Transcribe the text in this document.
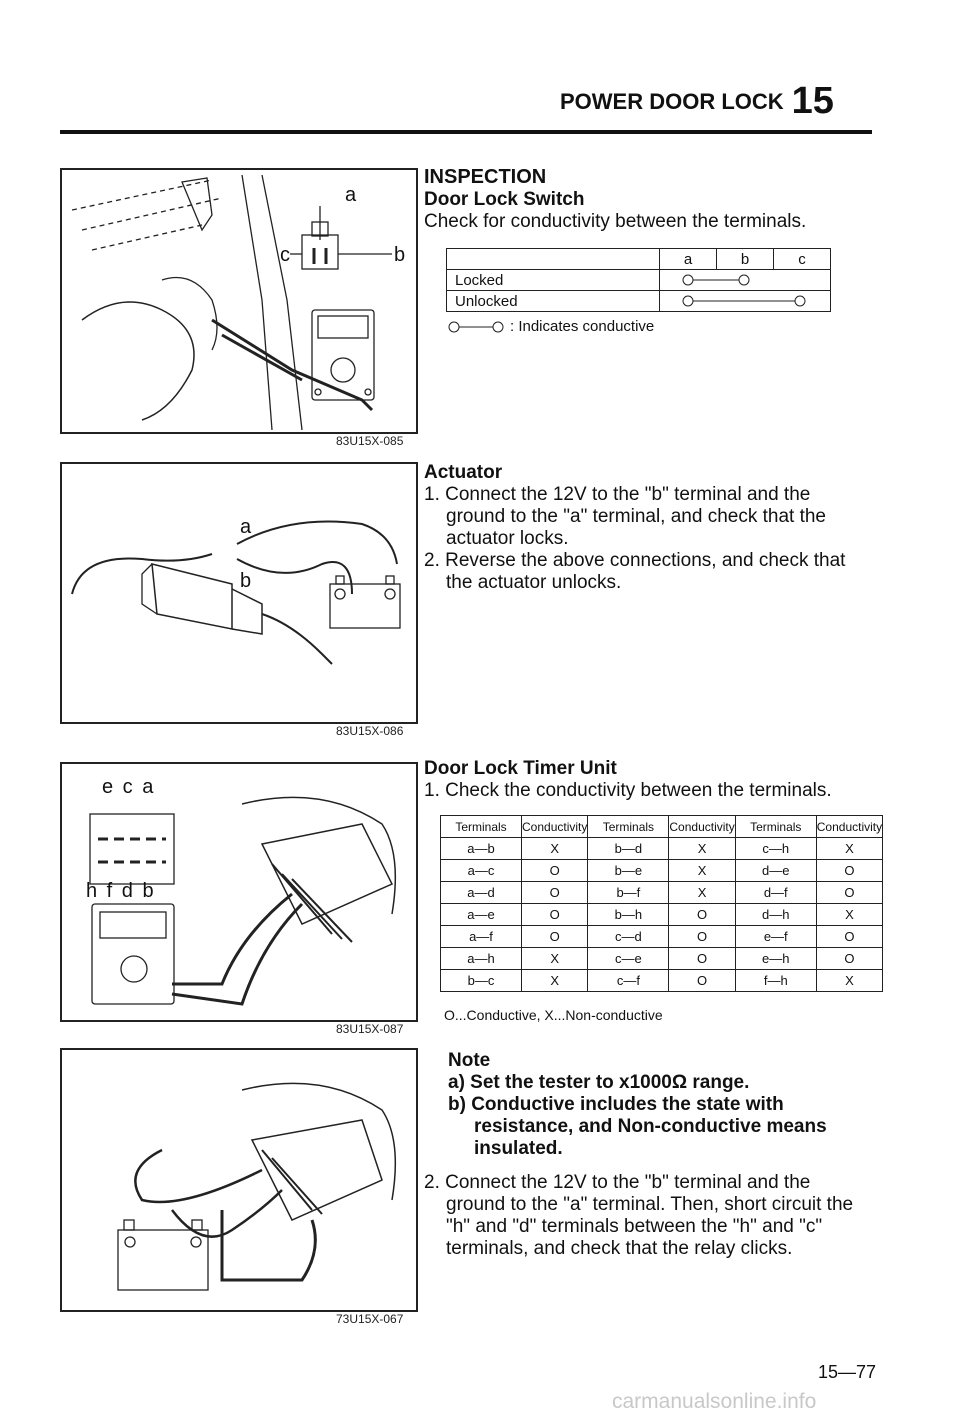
POWER DOOR LOCK 15
a
c	b
83U15X-085
a
b
83U15X-086
e c a
h f d b
83U15X-087
73U15X-067
INSPECTION
Door Lock Switch
Check for conductivity between the terminals.
	a	b	c
Locked	

Unlocked	
: Indicates conductive
Actuator
1. Connect the 12V to the "b" terminal and the ground to the "a" terminal, and check that the actuator locks.
2. Reverse the above connections, and check that the actuator unlocks.
Door Lock Timer Unit
1. Check the conductivity between the terminals.
Terminals	Conductivity	Terminals	Conductivity	Terminals	Conductivity
a—b	X	b—d	X	c—h	X
a—c	O	b—e	X	d—e	O
a—d	O	b—f	X	d—f	O
a—e	O	b—h	O	d—h	X
a—f	O	c—d	O	e—f	O
a—h	X	c—e	O	e—h	O
b—c	X	c—f	O	f—h	X
O...Conductive, X...Non-conductive
Note
a) Set the tester to x1000Ω range.
b) Conductive includes the state with resistance, and Non-conductive means insulated.
2. Connect the 12V to the "b" terminal and the ground to the "a" terminal. Then, short circuit the "h" and "d" terminals between the "h" and "c" terminals, and check that the relay clicks.
15—77
carmanualsonline.info
